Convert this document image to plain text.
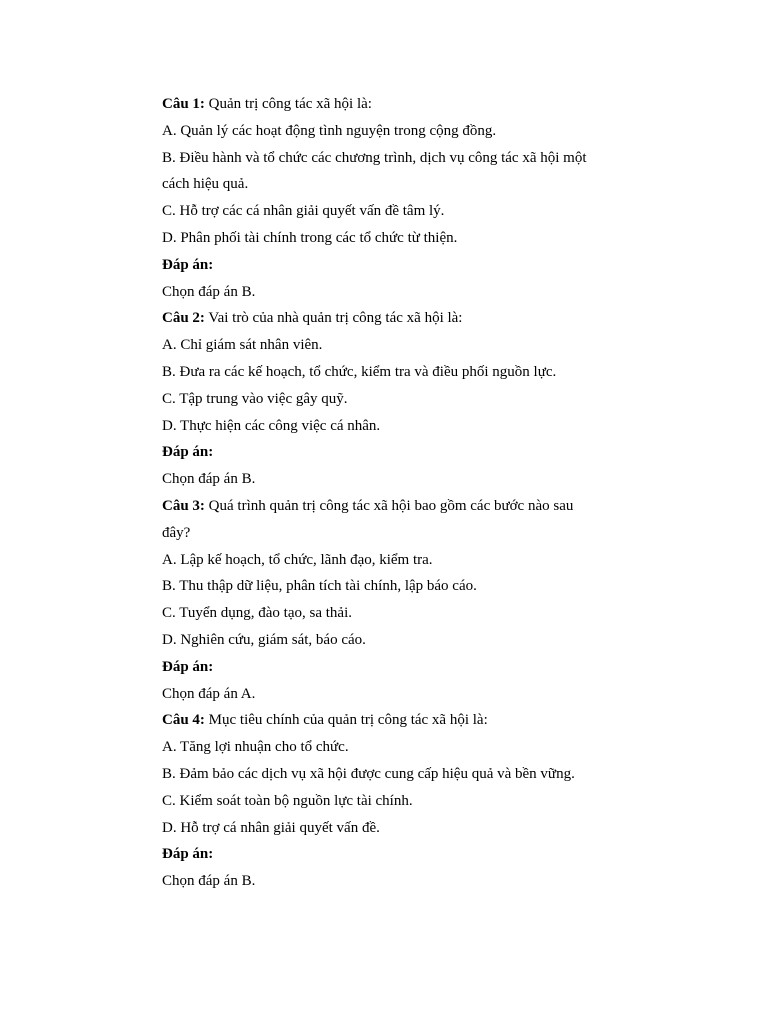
Câu 1: Quản trị công tác xã hội là:
A. Quản lý các hoạt động tình nguyện trong cộng đồng.
B. Điều hành và tổ chức các chương trình, dịch vụ công tác xã hội một cách hiệu quả.
C. Hỗ trợ các cá nhân giải quyết vấn đề tâm lý.
D. Phân phối tài chính trong các tổ chức từ thiện.
Đáp án:
Chọn đáp án B.
Câu 2: Vai trò của nhà quản trị công tác xã hội là:
A. Chỉ giám sát nhân viên.
B. Đưa ra các kế hoạch, tổ chức, kiểm tra và điều phối nguồn lực.
C. Tập trung vào việc gây quỹ.
D. Thực hiện các công việc cá nhân.
Đáp án:
Chọn đáp án B.
Câu 3: Quá trình quản trị công tác xã hội bao gồm các bước nào sau đây?
A. Lập kế hoạch, tổ chức, lãnh đạo, kiểm tra.
B. Thu thập dữ liệu, phân tích tài chính, lập báo cáo.
C. Tuyển dụng, đào tạo, sa thải.
D. Nghiên cứu, giám sát, báo cáo.
Đáp án:
Chọn đáp án A.
Câu 4: Mục tiêu chính của quản trị công tác xã hội là:
A. Tăng lợi nhuận cho tổ chức.
B. Đảm bảo các dịch vụ xã hội được cung cấp hiệu quả và bền vững.
C. Kiểm soát toàn bộ nguồn lực tài chính.
D. Hỗ trợ cá nhân giải quyết vấn đề.
Đáp án:
Chọn đáp án B.
